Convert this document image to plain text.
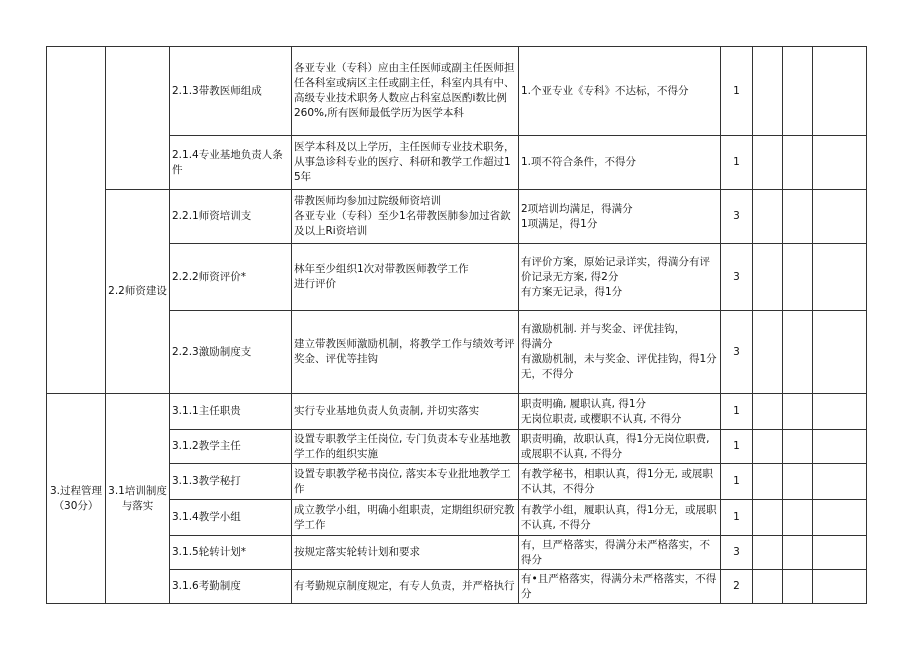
		2.1.3带教医师组成	各亚专业（专科）应由主任医师或副主任医师担
任各科室或病区主任或副主任，科室内具有中、
高级专业技术职务人数应占科室总医酌i数比例
260%,所有医师最低学历为医学本科	1.个亚专业《专科》不达标，不得分	1			
		2.1.4专业基地负责人条件	医学本科及以上学历，主任医师专业技术职务，
从事急诊科专业的医疗、科研和教学工作超过15年	1.项不符合条件，不得分	1			
	2.2师资建设	2.2.1师资培训支	带教医师均参加过院级师资培训
各亚专业（专科）至少1名带教医肺参加过省欽
及以上Ri资培训	2项培训均满足，得满分
1项满足，得1分	3			
		2.2.2师资评价*	林年至少组织1次对带教医师教学工作
进行评价	有评价方案，原始记录详实，得満分有评
价记录无方案, 得2分
有方案无记录，得1分	3			
		2.2.3激励制度支	建立带教医师激励机制，将教学工作与绩效考评
奖金、评优等挂钩	有激励机制. 并与奖金、评优挂钩，
得满分
有激励机制，未与奖金、评优挂钩，得1分
无，不得分	3			

3.过程管理
（30分）	3.1培训制度
与落实	3.1.1主任职贵	实行专业基地负责人负责制, 并切实落实	职责明确, 履职认真, 得1分
无岗位职责, 或樱职不认真, 不得分	1			
		3.1.2教学主任	设置专职教学主任岗位, 专门负责本专业基地教
学工作的组织实施	职责明确，故职认真，得1分无岗位职费,
或展职不认真, 不得分	1			
		3.1.3教学秘打	设置专职教学秘书岗位, 落实本专业批地教学工
作	有教学秘书，相职认真，得1分无, 或展职
不认其，不得分	1			
		3.1.4教学小组	成立教学小组，明确小组职责，定期组织研究教
学工作	有教学小组，履职认真，得1分无，或展职
不认真, 不得分	1			
		3.1.5轮转计划*	按规定落实轮转计划和要求	有，旦严格落实，得满分未严格落实，不
得分	3			
		3.1.6考勤制度	有考勤规京制度规定，有专人负责，并严格执行	有•且严格落实，得满分未严格落实，不得分	2			
